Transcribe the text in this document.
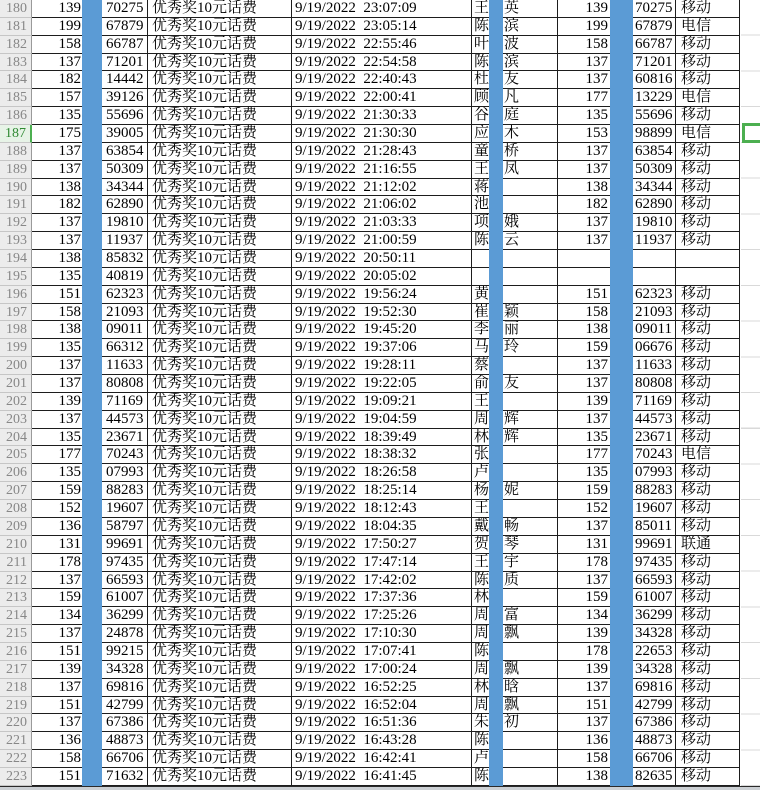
180	139 70275 优秀奖10元话费	9/19/2022  23:07:09	王 英	139 70275 移动
181	199 67879 优秀奖10元话费	9/19/2022  23:05:14	陈 滨	199 67879 电信
182	158 66787 优秀奖10元话费	9/19/2022  22:55:46	叶 波	158 66787 移动
183	137 71201 优秀奖10元话费	9/19/2022  22:54:58	陈 滨	137 71201 移动
184	182 14442 优秀奖10元话费	9/19/2022  22:40:43	杜 友	137 60816 移动
185	157 39126 优秀奖10元话费	9/19/2022  22:00:41	顾 凡	177 13229 电信
186	135 55696 优秀奖10元话费	9/19/2022  21:30:33	谷 庭	135 55696 移动
187	175 39005 优秀奖10元话费	9/19/2022  21:30:30	应 木	153 98899 电信
188	137 63854 优秀奖10元话费	9/19/2022  21:28:43	童 桥	137 63854 移动
189	137 50309 优秀奖10元话费	9/19/2022  21:16:55	王 凤	137 50309 移动
190	138 34344 优秀奖10元话费	9/19/2022  21:12:02	蒋	138 34344 移动
191	182 62890 优秀奖10元话费	9/19/2022  21:06:02	池	182 62890 移动
192	137 19810 优秀奖10元话费	9/19/2022  21:03:33	项 娥	137 19810 移动
193	137 11937 优秀奖10元话费	9/19/2022  21:00:59	陈 云	137 11937 移动
194	138 85832 优秀奖10元话费	9/19/2022  20:50:11
195	135 40819 优秀奖10元话费	9/19/2022  20:05:02
196	151 62323 优秀奖10元话费	9/19/2022  19:56:24	黄	151 62323 移动
197	158 21093 优秀奖10元话费	9/19/2022  19:52:30	崔 颖	158 21093 移动
198	138 09011 优秀奖10元话费	9/19/2022  19:45:20	李 丽	138 09011 移动
199	135 66312 优秀奖10元话费	9/19/2022  19:37:06	马 玲	159 06676 移动
200	137 11633 优秀奖10元话费	9/19/2022  19:28:11	蔡	137 11633 移动
201	137 80808 优秀奖10元话费	9/19/2022  19:22:05	俞 友	137 80808 移动
202	139 71169 优秀奖10元话费	9/19/2022  19:09:21	王	139 71169 移动
203	137 44573 优秀奖10元话费	9/19/2022  19:04:59	周 辉	137 44573 移动
204	135 23671 优秀奖10元话费	9/19/2022  18:39:49	林 辉	135 23671 移动
205	177 70243 优秀奖10元话费	9/19/2022  18:38:32	张	177 70243 电信
206	135 07993 优秀奖10元话费	9/19/2022  18:26:58	卢	135 07993 移动
207	159 88283 优秀奖10元话费	9/19/2022  18:25:14	杨 妮	159 88283 移动
208	152 19607 优秀奖10元话费	9/19/2022  18:12:43	王	152 19607 移动
209	136 58797 优秀奖10元话费	9/19/2022  18:04:35	戴 畅	137 85011 移动
210	131 99691 优秀奖10元话费	9/19/2022  17:50:27	贺 琴	131 99691 联通
211	178 97435 优秀奖10元话费	9/19/2022  17:47:14	王 宇	178 97435 移动
212	137 66593 优秀奖10元话费	9/19/2022  17:42:02	陈 质	137 66593 移动
213	159 61007 优秀奖10元话费	9/19/2022  17:37:36	林	159 61007 移动
214	134 36299 优秀奖10元话费	9/19/2022  17:25:26	周 富	134 36299 移动
215	137 24878 优秀奖10元话费	9/19/2022  17:10:30	周 飘	139 34328 移动
216	151 99215 优秀奖10元话费	9/19/2022  17:07:41	陈	178 22653 移动
217	139 34328 优秀奖10元话费	9/19/2022  17:00:24	周 飘	139 34328 移动
218	137 69816 优秀奖10元话费	9/19/2022  16:52:25	林 晗	137 69816 移动
219	151 42799 优秀奖10元话费	9/19/2022  16:52:04	周 飘	151 42799 移动
220	137 67386 优秀奖10元话费	9/19/2022  16:51:36	朱 初	137 67386 移动
221	136 48873 优秀奖10元话费	9/19/2022  16:43:28	陈	136 48873 移动
222	158 66706 优秀奖10元话费	9/19/2022  16:42:41	卢	158 66706 移动
223	151 71632 优秀奖10元话费	9/19/2022  16:41:45	陈	138 82635 移动
